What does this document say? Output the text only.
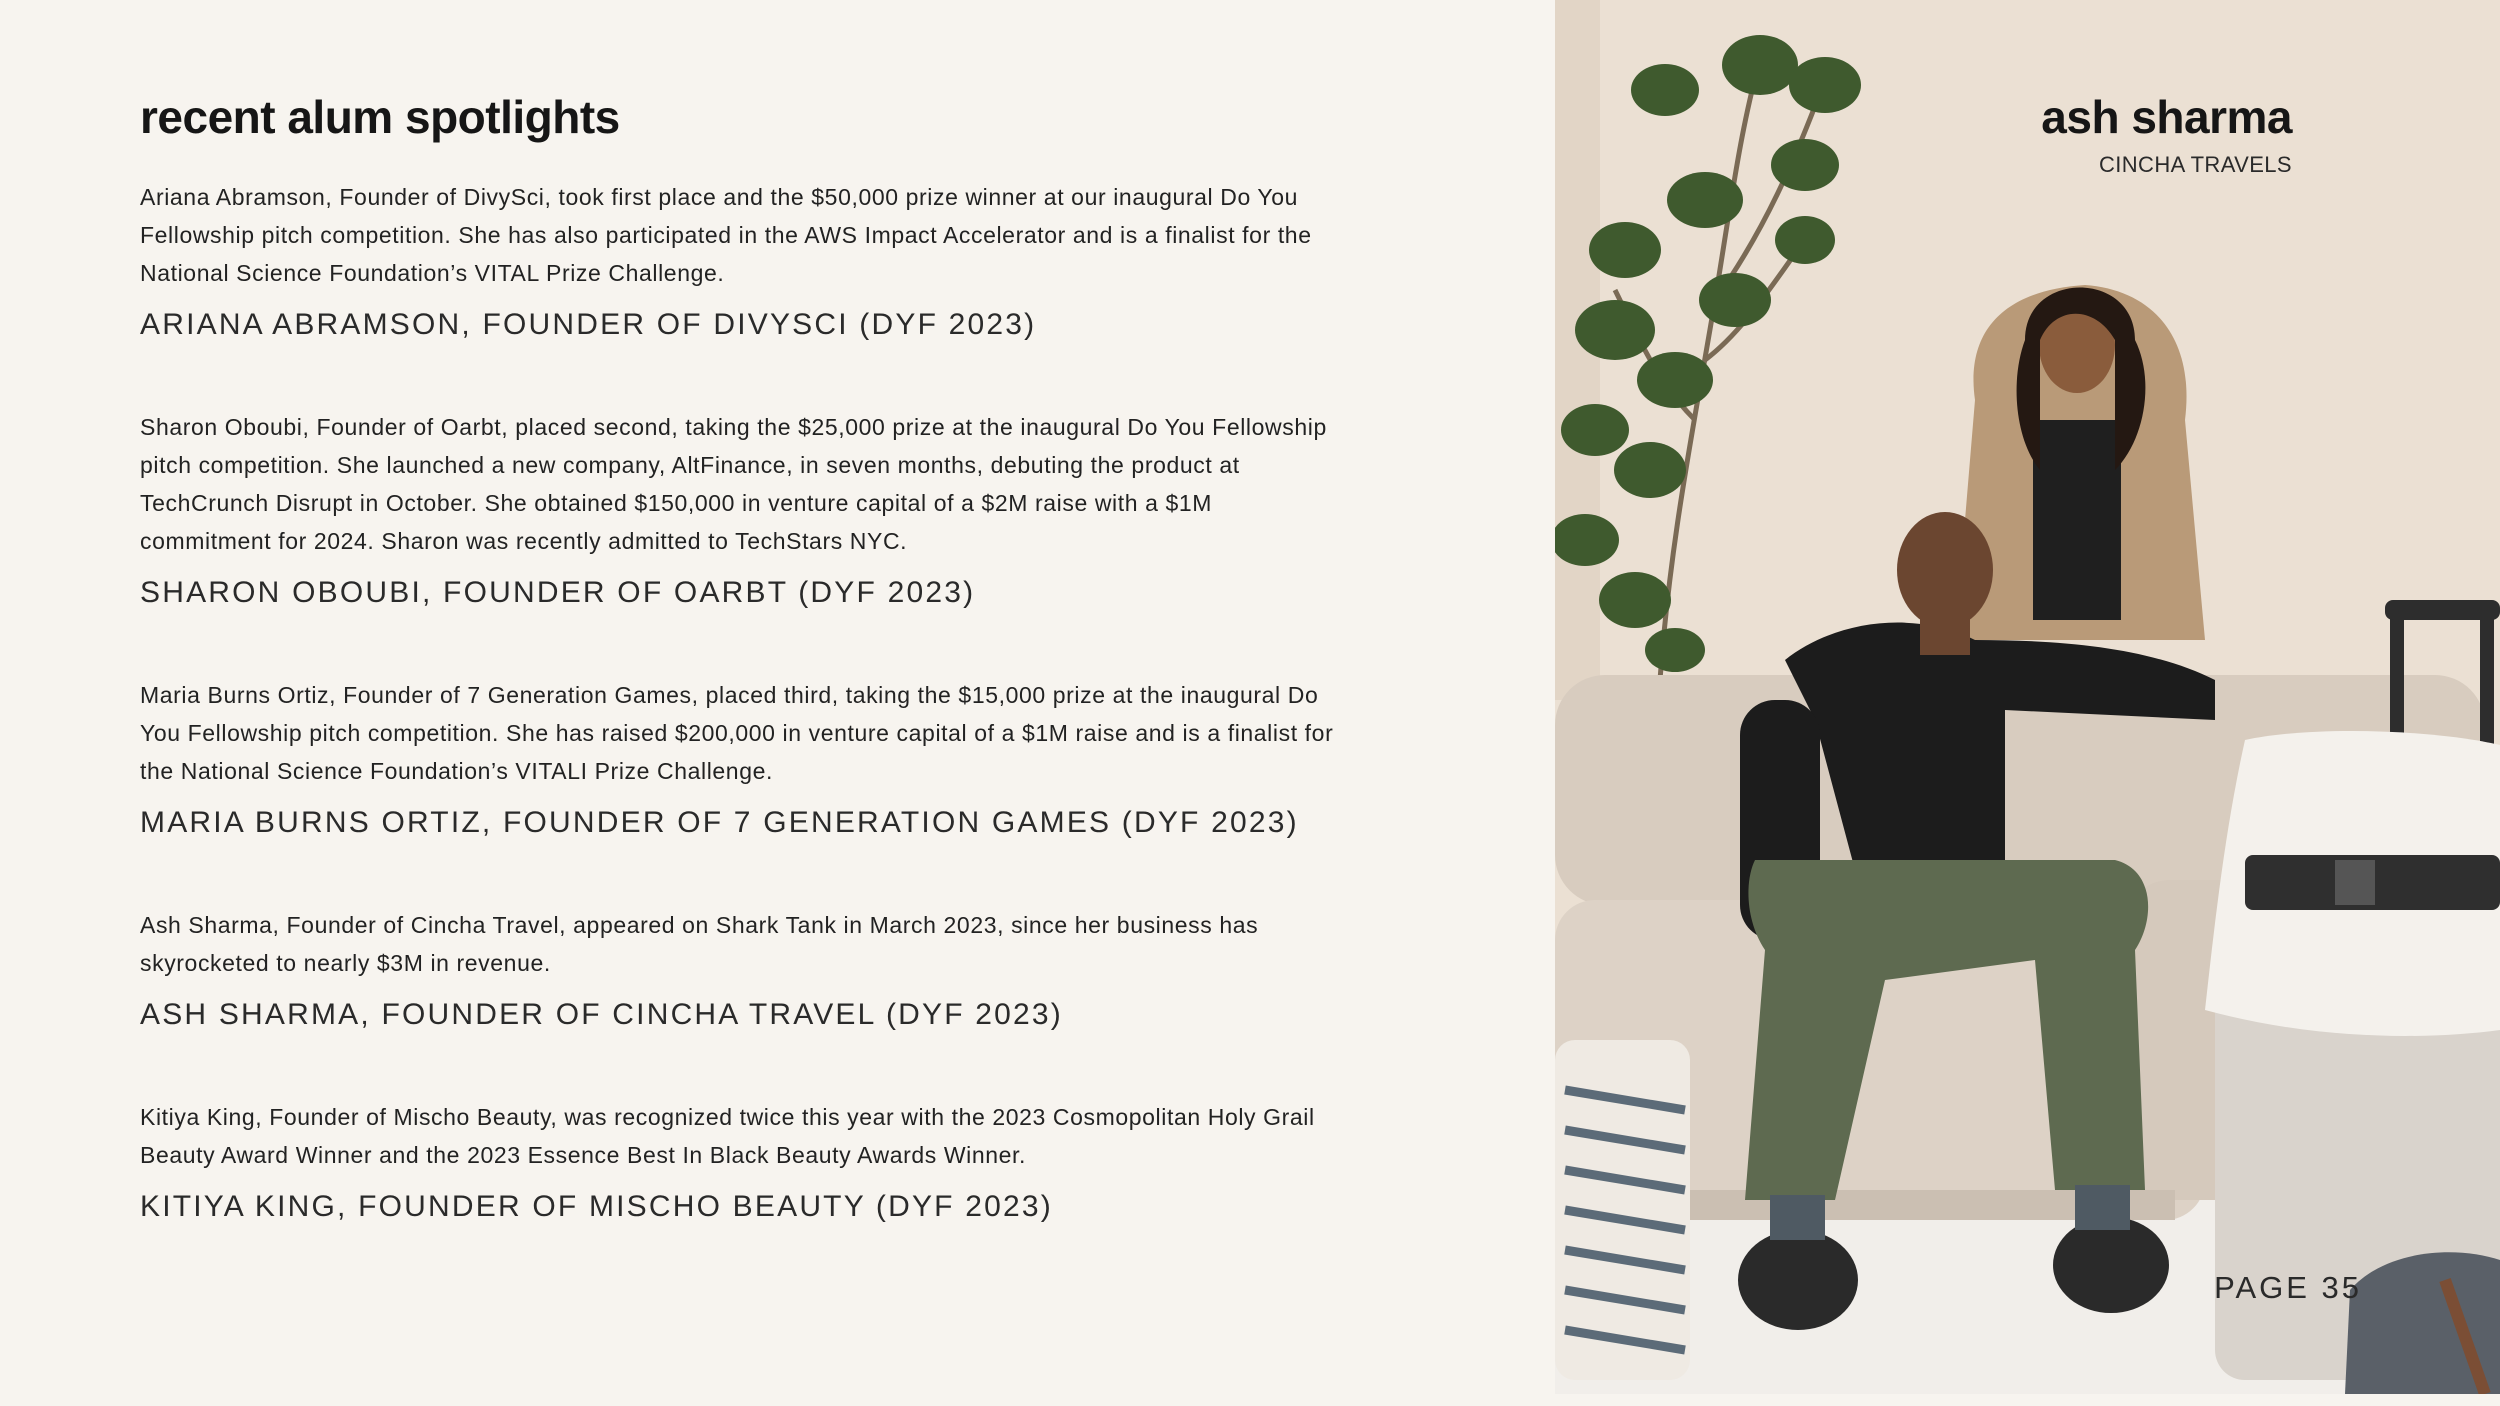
recent alum spotlights

Ariana Abramson, Founder of DivySci, took first place and the $50,000 prize winner at our inaugural Do You Fellowship pitch competition. She has also participated in the AWS Impact Accelerator and is a finalist for the National Science Foundation’s VITAL Prize Challenge.

ARIANA ABRAMSON, FOUNDER OF DIVYSCI (DYF 2023)

Sharon Oboubi, Founder of Oarbt, placed second, taking the $25,000 prize at the inaugural Do You Fellowship pitch competition. She launched a new company, AltFinance, in seven months, debuting the product at TechCrunch Disrupt in October. She obtained $150,000 in venture capital of a $2M raise with a $1M commitment for 2024. Sharon was recently admitted to TechStars NYC.

SHARON OBOUBI, FOUNDER OF OARBT (DYF 2023)

Maria Burns Ortiz, Founder of 7 Generation Games, placed third, taking the $15,000 prize at the inaugural Do You Fellowship pitch competition. She has raised $200,000 in venture capital of a $1M raise and is a finalist for the National Science Foundation’s VITALI Prize Challenge.

MARIA BURNS ORTIZ, FOUNDER OF 7 GENERATION GAMES (DYF 2023)

Ash Sharma, Founder of Cincha Travel, appeared on Shark Tank in March 2023, since her business has skyrocketed to nearly $3M in revenue.

ASH SHARMA, FOUNDER OF CINCHA TRAVEL (DYF 2023)

Kitiya King, Founder of Mischo Beauty, was recognized twice this year with the 2023 Cosmopolitan Holy Grail Beauty Award Winner and the 2023 Essence Best In Black Beauty Awards Winner.

KITIYA KING, FOUNDER OF MISCHO BEAUTY (DYF 2023)
ash sharma
CINCHA TRAVELS
PAGE 35
